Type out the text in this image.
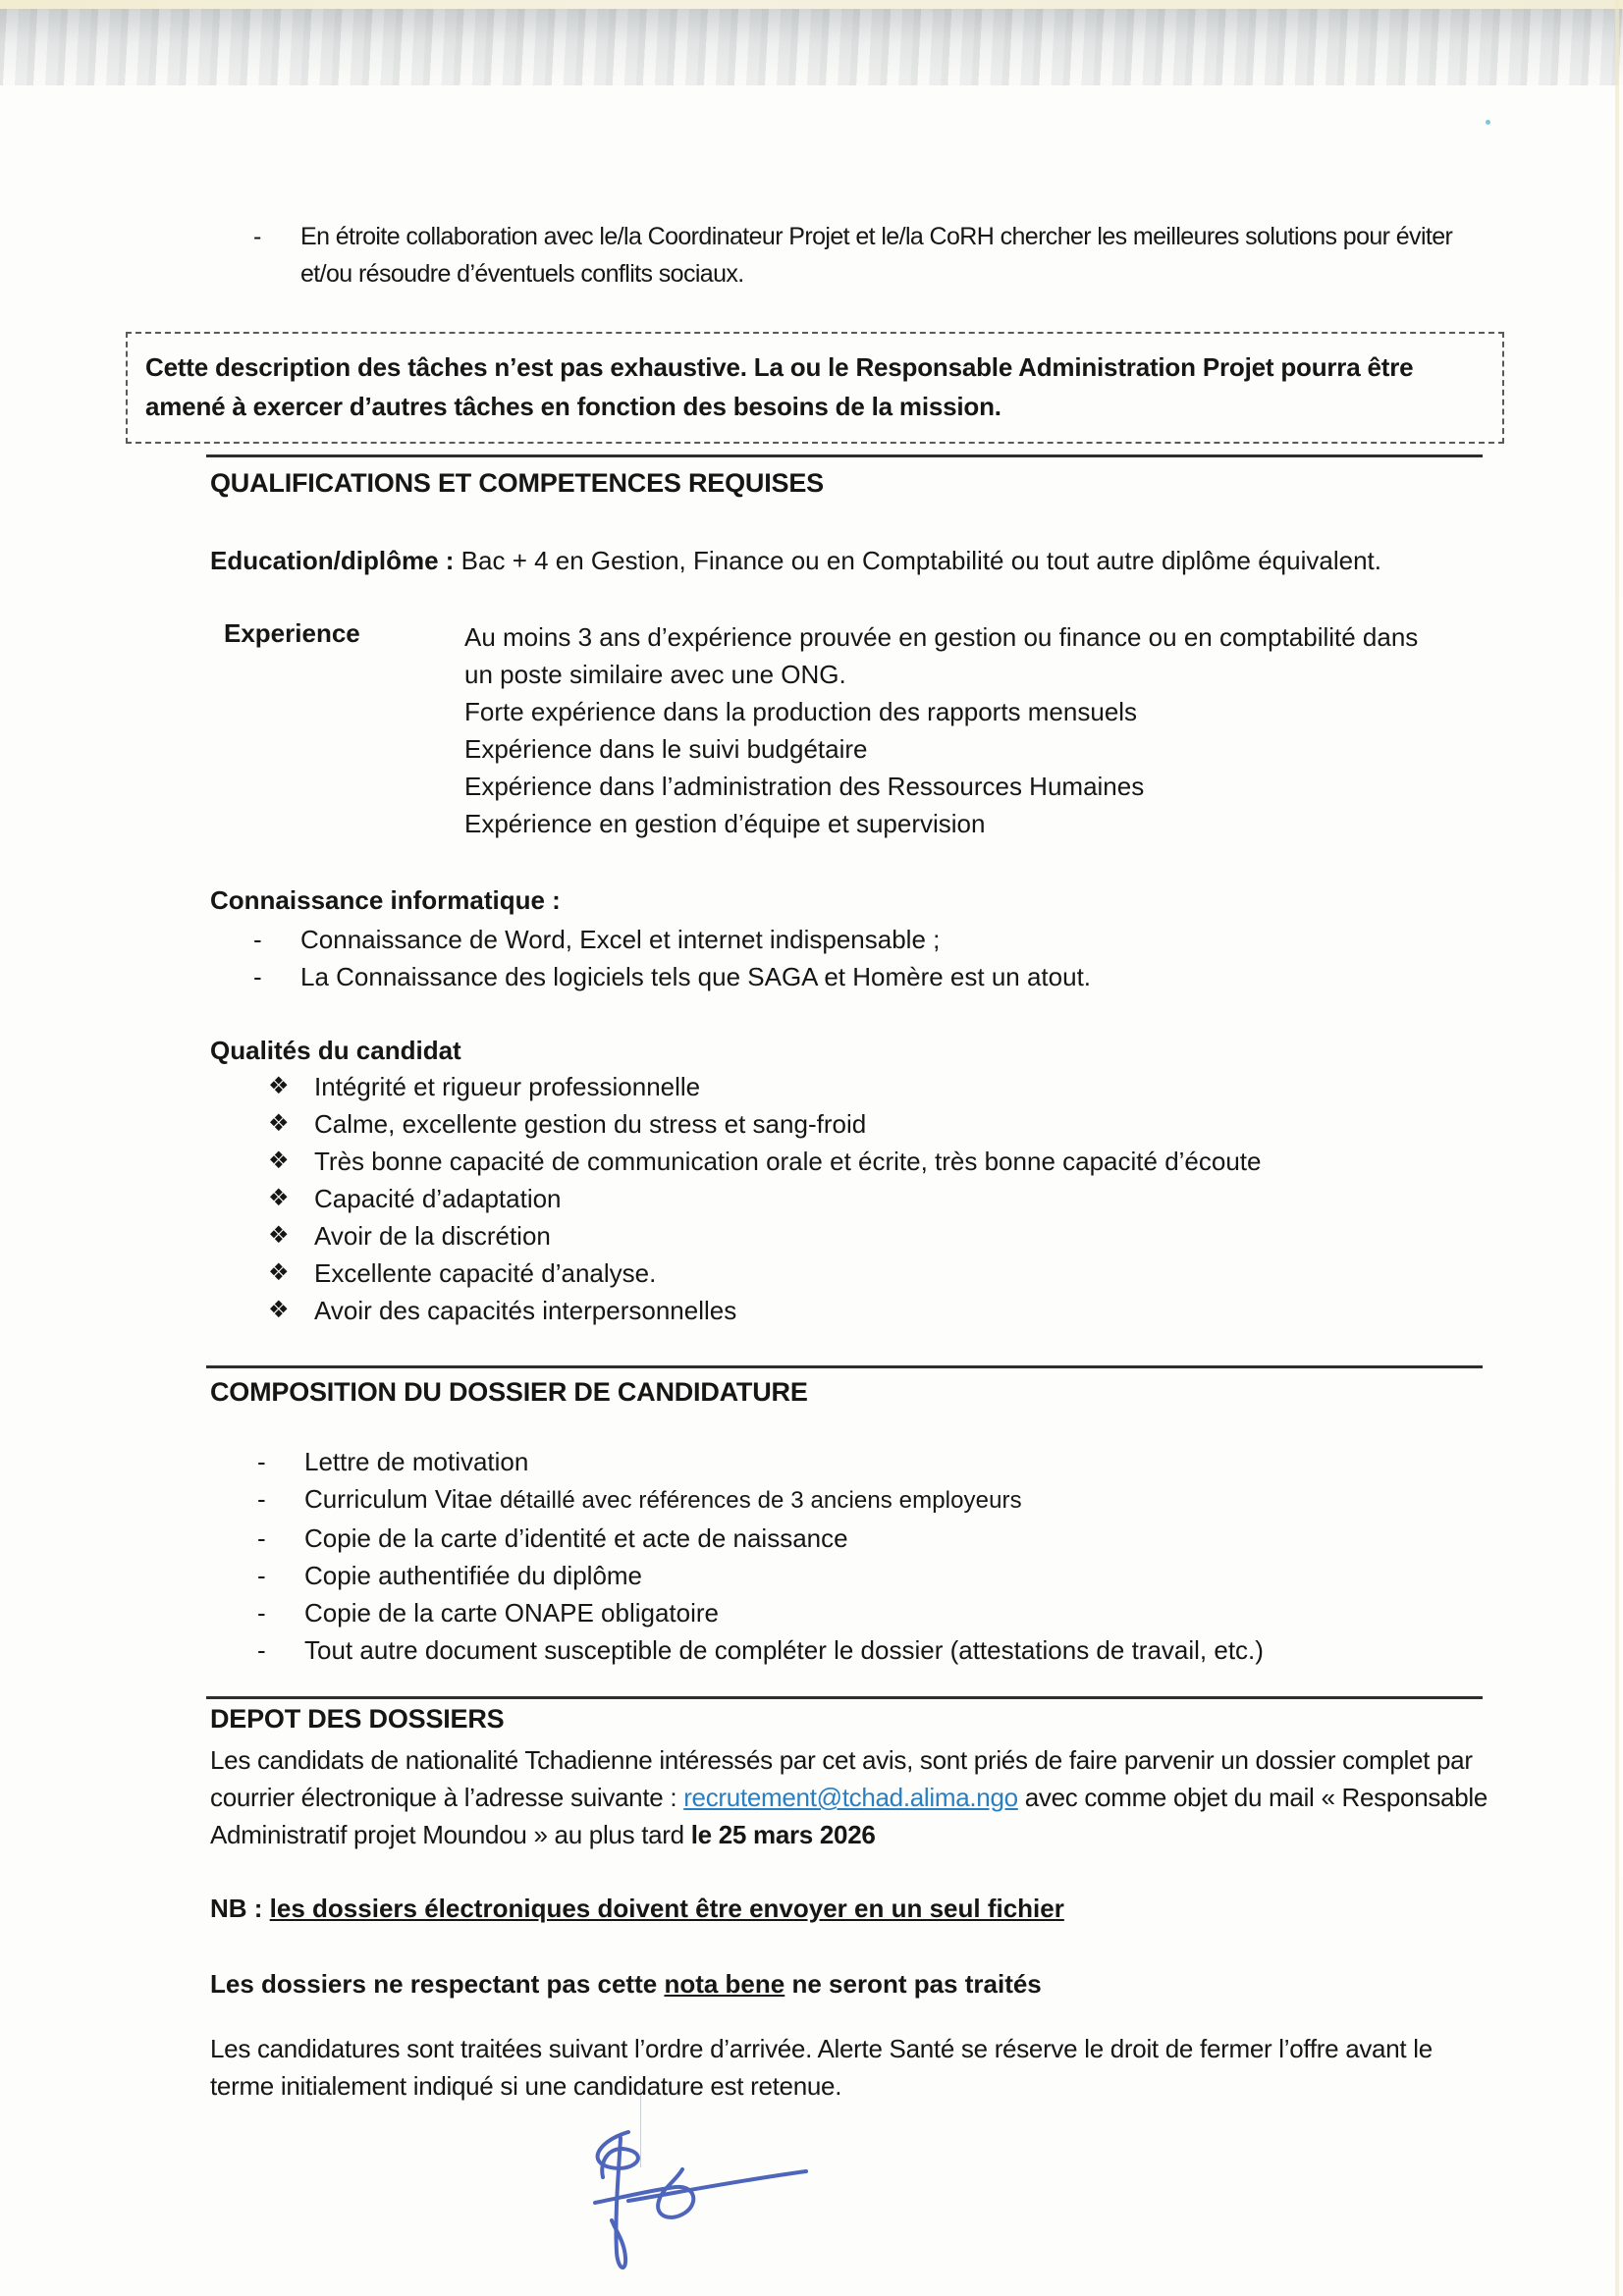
-	En étroite collaboration avec le/la Coordinateur Projet et le/la CoRH chercher les meilleures solutions pour éviter et/ou résoudre d’éventuels conflits sociaux.
Cette description des tâches n’est pas exhaustive. La ou le Responsable Administration Projet pourra être amené à exercer d’autres tâches en fonction des besoins de la mission.
QUALIFICATIONS ET COMPETENCES REQUISES
Education/diplôme : Bac + 4 en Gestion, Finance ou en Comptabilité ou tout autre diplôme équivalent.
Experience	Au moins 3 ans d’expérience prouvée en gestion ou finance ou en comptabilité dans un poste similaire avec une ONG.
Forte expérience dans la production des rapports mensuels
Expérience dans le suivi budgétaire
Expérience dans l’administration des Ressources Humaines
Expérience en gestion d’équipe et supervision
Connaissance informatique :
-	Connaissance de Word, Excel et internet indispensable ;
-	La Connaissance des logiciels tels que SAGA et Homère est un atout.
Qualités du candidat
❖ Intégrité et rigueur professionnelle
❖ Calme, excellente gestion du stress et sang-froid
❖ Très bonne capacité de communication orale et écrite, très bonne capacité d’écoute
❖ Capacité d’adaptation
❖ Avoir de la discrétion
❖ Excellente capacité d’analyse.
❖ Avoir des capacités interpersonnelles
COMPOSITION DU DOSSIER DE CANDIDATURE
-	Lettre de motivation
-	Curriculum Vitae détaillé avec références de 3 anciens employeurs
-	Copie de la carte d’identité et acte de naissance
-	Copie authentifiée du diplôme
-	Copie de la carte ONAPE obligatoire
-	Tout autre document susceptible de compléter le dossier (attestations de travail, etc.)
DEPOT DES DOSSIERS
Les candidats de nationalité Tchadienne intéressés par cet avis, sont priés de faire parvenir un dossier complet par courrier électronique à l’adresse suivante : recrutement@tchad.alima.ngo avec comme objet du mail « Responsable Administratif projet Moundou » au plus tard le 25 mars 2026
NB : les dossiers électroniques doivent être envoyer en un seul fichier
Les dossiers ne respectant pas cette nota bene ne seront pas traités
Les candidatures sont traitées suivant l’ordre d’arrivée. Alerte Santé se réserve le droit de fermer l’offre avant le terme initialement indiqué si une candidature est retenue.
